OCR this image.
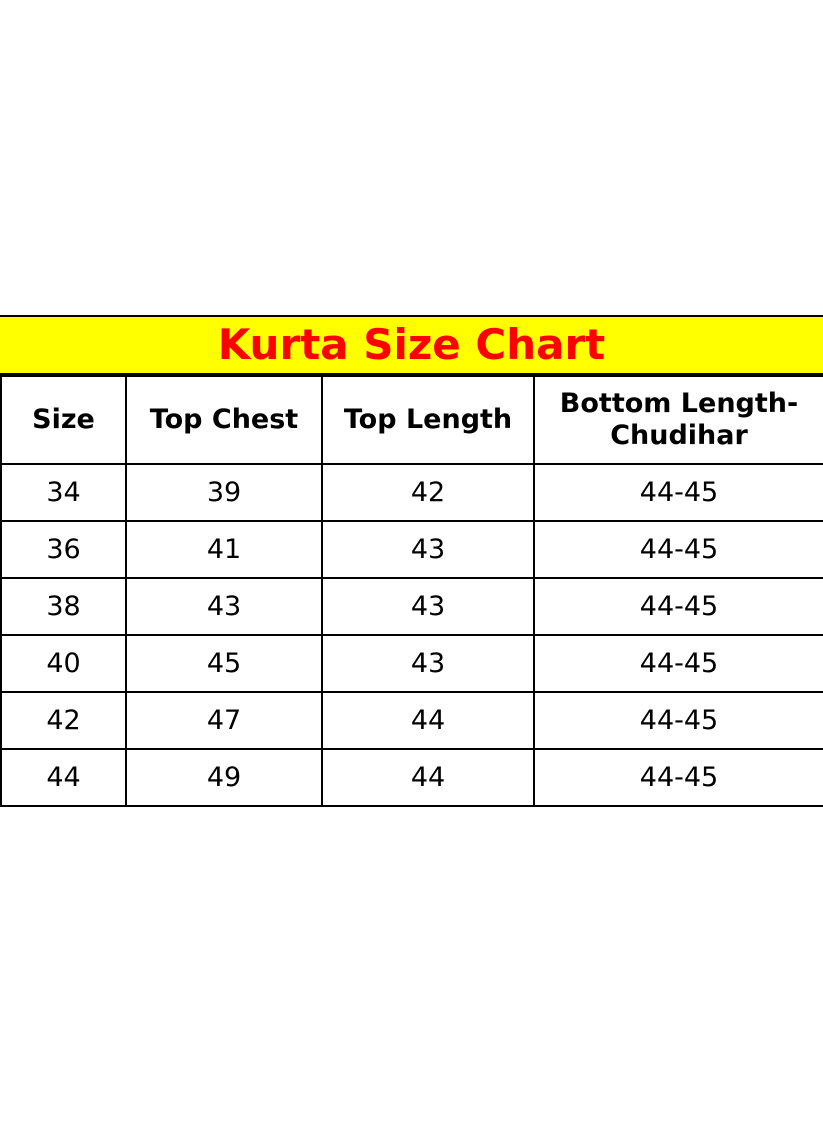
Kurta Size Chart
Size	Top Chest	Top Length	Bottom Length-Chudihar
34	39	42	44-45
36	41	43	44-45
38	43	43	44-45
40	45	43	44-45
42	47	44	44-45
44	49	44	44-45
